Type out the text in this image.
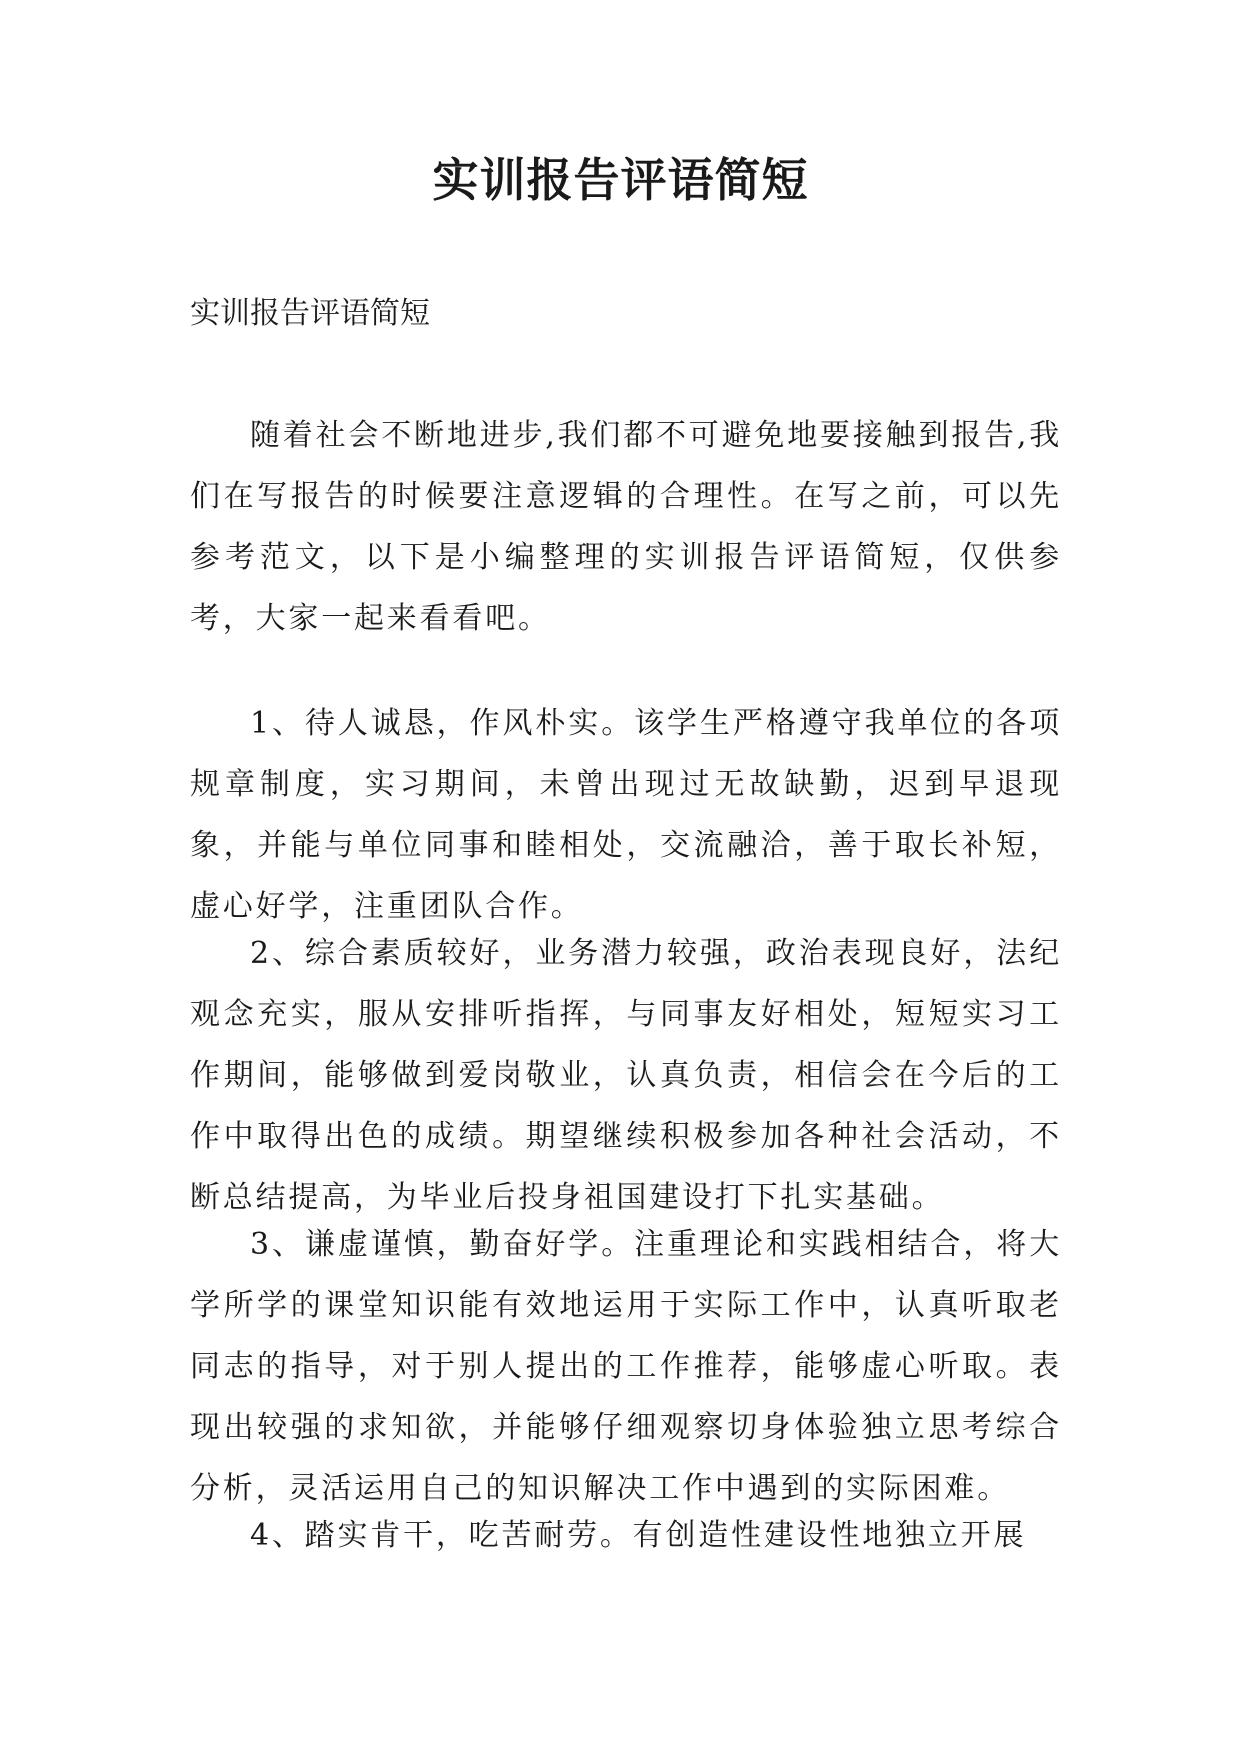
实训报告评语简短
实训报告评语简短

随着社会不断地进步,我们都不可避免地要接触到报告,我们在写报告的时候要注意逻辑的合理性。在写之前，可以先参考范文，以下是小编整理的实训报告评语简短，仅供参考，大家一起来看看吧。

1、待人诚恳，作风朴实。该学生严格遵守我单位的各项规章制度，实习期间，未曾出现过无故缺勤，迟到早退现象，并能与单位同事和睦相处，交流融洽，善于取长补短，虚心好学，注重团队合作。

2、综合素质较好，业务潜力较强，政治表现良好，法纪观念充实，服从安排听指挥，与同事友好相处，短短实习工作期间，能够做到爱岗敬业，认真负责，相信会在今后的工作中取得出色的成绩。期望继续积极参加各种社会活动，不断总结提高，为毕业后投身祖国建设打下扎实基础。

3、谦虚谨慎，勤奋好学。注重理论和实践相结合，将大学所学的课堂知识能有效地运用于实际工作中，认真听取老同志的指导，对于别人提出的工作推荐，能够虚心听取。表现出较强的求知欲，并能够仔细观察切身体验独立思考综合分析，灵活运用自己的知识解决工作中遇到的实际困难。

4、踏实肯干，吃苦耐劳。有创造性建设性地独立开展
